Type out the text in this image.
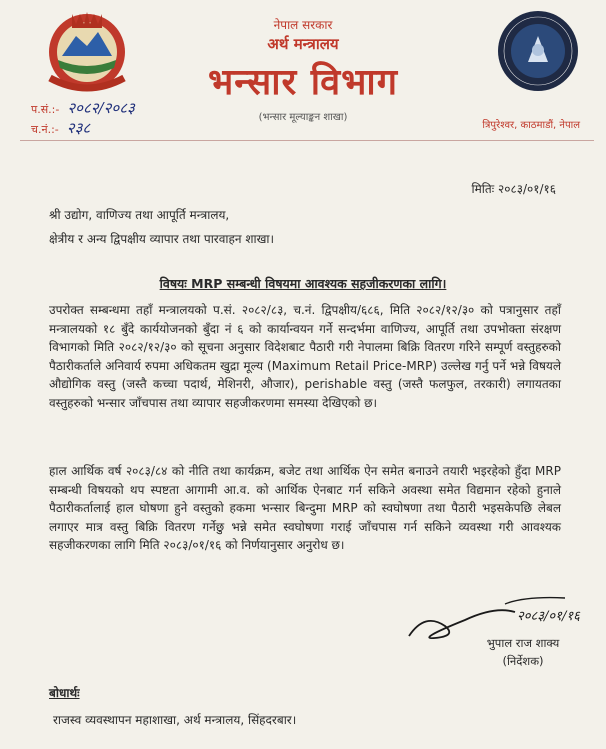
नेपाल सरकार
अर्थ मन्त्रालय
भन्सार विभाग
(भन्सार मूल्याङ्कन शाखा)
प.सं.:- २०८२/२०८३
च.नं.:- २३८	त्रिपुरेश्वर, काठमाडौं, नेपाल
मितिः २०८३/०१/१६
श्री उद्योग, वाणिज्य तथा आपूर्ति मन्त्रालय,
क्षेत्रीय र अन्य द्विपक्षीय व्यापार तथा पारवाहन शाखा।
विषयः MRP सम्बन्धी विषयमा आवश्यक सहजीकरणका लागि।
उपरोक्त सम्बन्धमा तहाँ मन्त्रालयको प.सं. २०८२/८३, च.नं. द्विपक्षीय/६८६, मिति २०८२/१२/३० को पत्रानुसार तहाँ मन्त्रालयको १८ बुँदे कार्ययोजनको बुँदा नं ६ को कार्यान्वयन गर्ने सन्दर्भमा वाणिज्य, आपूर्ति तथा उपभोक्ता संरक्षण विभागको मिति २०८२/१२/३० को सूचना अनुसार विदेशबाट पैठारी गरी नेपालमा बिक्रि वितरण गरिने सम्पूर्ण वस्तुहरुको पैठारीकर्ताले अनिवार्य रुपमा अधिकतम खुद्रा मूल्य (Maximum Retail Price-MRP) उल्लेख गर्नु पर्ने भन्ने विषयले औद्योगिक वस्तु (जस्तै कच्चा पदार्थ, मेशिनरी, औजार), perishable वस्तु (जस्तै फलफुल, तरकारी) लगायतका वस्तुहरुको भन्सार जाँचपास तथा व्यापार सहजीकरणमा समस्या देखिएको छ।
हाल आर्थिक वर्ष २०८३/८४ को नीति तथा कार्यक्रम, बजेट तथा आर्थिक ऐन समेत बनाउने तयारी भइरहेको हुँदा MRP सम्बन्धी विषयको थप स्पष्टता आगामी आ.व. को आर्थिक ऐनबाट गर्न सकिने अवस्था समेत विद्यमान रहेको हुनाले पैठारीकर्तालाई हाल घोषणा हुने वस्तुको हकमा भन्सार बिन्दुमा MRP को स्वघोषणा तथा पैठारी भइसकेपछि लेबल लगाएर मात्र वस्तु बिक्रि वितरण गर्नेछु भन्ने समेत स्वघोषणा गराई जाँचपास गर्न सकिने व्यवस्था गरी आवश्यक सहजीकरणका लागि मिति २०८३/०१/१६ को निर्णयानुसार अनुरोध छ।
२०८३/०१/१६
भुपाल राज शाक्य
(निर्देशक)
बोधार्थः
राजस्व व्यवस्थापन महाशाखा, अर्थ मन्त्रालय, सिंहदरबार।
